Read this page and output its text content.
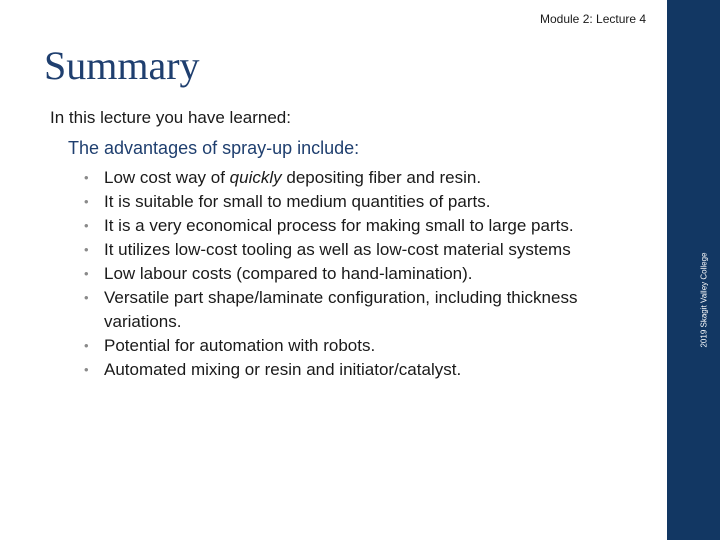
Module 2: Lecture 4
Summary
In this lecture you have learned:
The advantages of spray-up include:
• Low cost way of quickly depositing fiber and resin.
• It is suitable for small to medium quantities of parts.
• It is a very economical process for making small to large parts.
• It utilizes low-cost tooling as well as low-cost material systems
• Low labour costs (compared to hand-lamination).
• Versatile part shape/laminate configuration, including thickness variations.
• Potential for automation with robots.
• Automated mixing or resin and initiator/catalyst.
2019 Skagit Valley College
